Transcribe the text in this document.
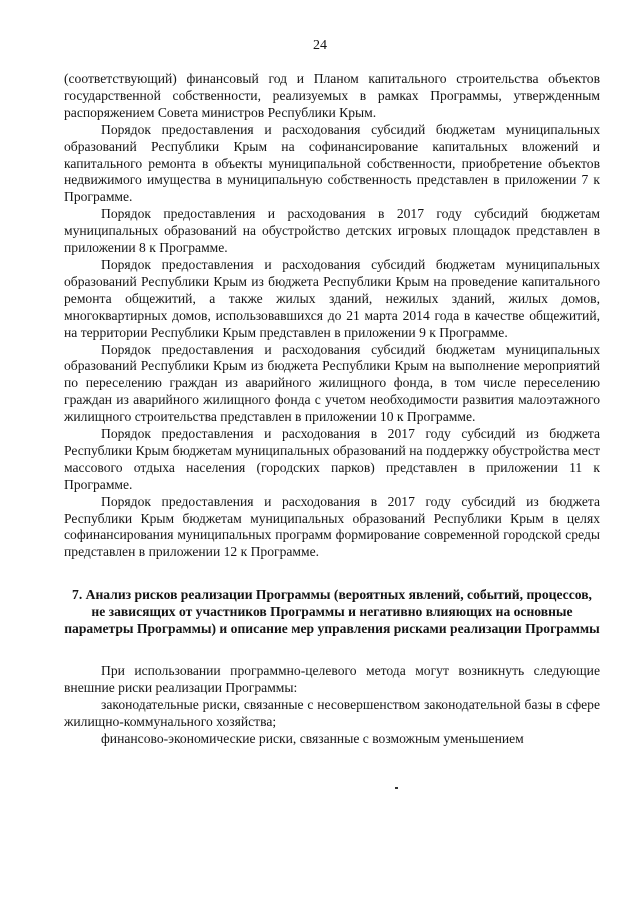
24

(соответствующий) финансовый год и Планом капитального строительства объектов государственной собственности, реализуемых в рамках Программы, утвержденным распоряжением Совета министров Республики Крым.

Порядок предоставления и расходования субсидий бюджетам муниципальных образований Республики Крым на софинансирование капитальных вложений и капитального ремонта в объекты муниципальной собственности, приобретение объектов недвижимого имущества в муниципальную собственность представлен в приложении 7 к Программе.

Порядок предоставления и расходования в 2017 году субсидий бюджетам муниципальных образований на обустройство детских игровых площадок представлен в приложении 8 к Программе.

Порядок предоставления и расходования субсидий бюджетам муниципальных образований Республики Крым из бюджета Республики Крым на проведение капитального ремонта общежитий, а также жилых зданий, нежилых зданий, жилых домов, многоквартирных домов, использовавшихся до 21 марта 2014 года в качестве общежитий, на территории Республики Крым представлен в приложении 9 к Программе.

Порядок предоставления и расходования субсидий бюджетам муниципальных образований Республики Крым из бюджета Республики Крым на выполнение мероприятий по переселению граждан из аварийного жилищного фонда, в том числе переселению граждан из аварийного жилищного фонда с учетом необходимости развития малоэтажного жилищного строительства представлен в приложении 10 к Программе.

Порядок предоставления и расходования в 2017 году субсидий из бюджета Республики Крым бюджетам муниципальных образований на поддержку обустройства мест массового отдыха населения (городских парков) представлен в приложении 11 к Программе.

Порядок предоставления и расходования в 2017 году субсидий из бюджета Республики Крым бюджетам муниципальных образований Республики Крым в целях софинансирования муниципальных программ формирование современной городской среды представлен в приложении 12 к Программе.

7. Анализ рисков реализации Программы (вероятных явлений, событий, процессов, не зависящих от участников Программы и негативно влияющих на основные параметры Программы) и описание мер управления рисками реализации Программы

При использовании программно-целевого метода могут возникнуть следующие внешние риски реализации Программы:

законодательные риски, связанные с несовершенством законодательной базы в сфере жилищно-коммунального хозяйства;

финансово-экономические риски, связанные с возможным уменьшением
